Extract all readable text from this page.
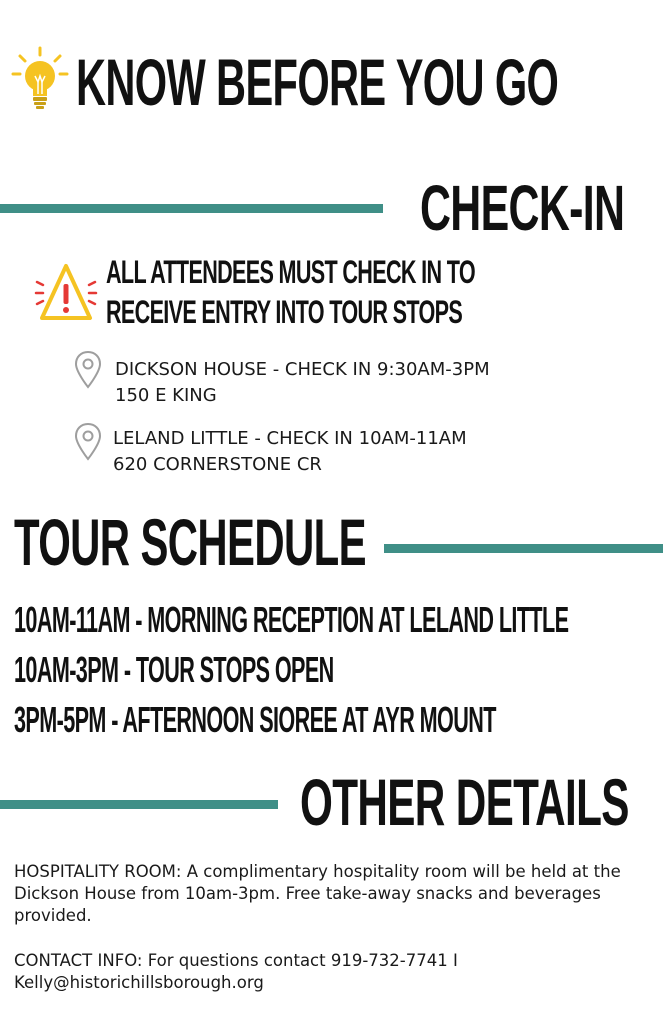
KNOW BEFORE YOU GO
CHECK-IN
ALL ATTENDEES MUST CHECK IN TO
RECEIVE ENTRY INTO TOUR STOPS
DICKSON HOUSE - CHECK IN 9:30AM-3PM
150 E KING
LELAND LITTLE - CHECK IN 10AM-11AM
620 CORNERSTONE CR
TOUR SCHEDULE
10AM-11AM - MORNING RECEPTION AT LELAND LITTLE
10AM-3PM - TOUR STOPS OPEN
3PM-5PM - AFTERNOON SIOREE AT AYR MOUNT
OTHER DETAILS
HOSPITALITY ROOM: A complimentary hospitality room will be held at the Dickson House from 10am-3pm. Free take-away snacks and beverages provided.
CONTACT INFO: For questions contact 919-732-7741 I Kelly@historichillsborough.org
